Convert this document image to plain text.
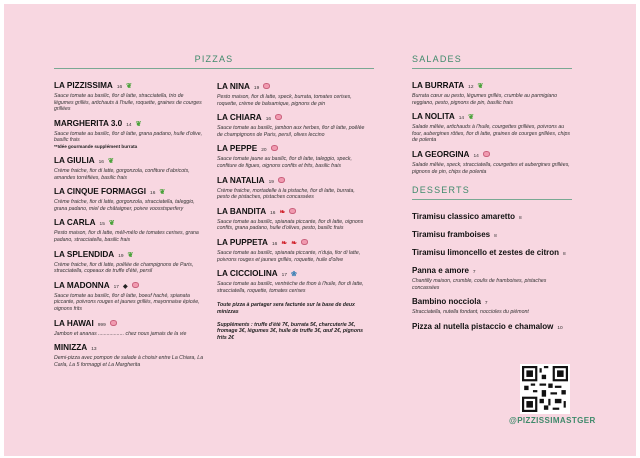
PIZZAS
LA PIZZISSIMA 16 ❦
Sauce tomate au basilic, fior di latte, stracciatella, trio de légumes grillés, artichauts à l'huile, roquette, graines de courges grillées
MARGHERITA 3.0 14 ❦
Sauce tomate au basilic, fior di latte, grana padano, huile d'olive, basilic frais
**Idée gourmande supplément burrata
LA GIULIA 16 ❦
Crème fraiche, fior di latte, gorgonzola, confiture d'abricots, amandes torréfiées, basilic frais
LA CINQUE FORMAGGI 16 ❦
Crème fraiche, fior di latte, gorgonzola, stracciatella, taleggio, grana padano, miel de châtaigner, poivre voosstsperfery
LA CARLA 15 ❦
Pesto maison, fior di latte, méli-mélo de tomates cerises, grana padano, stracciatella, basilic frais
LA SPLENDIDA 19 ❦
Crème fraiche, fior di latte, poêlée de champignons de Paris, stracciatella, copeaux de truffe d'été, persil
LA MADONNA 17 ◆
Sauce tomate au basilic, fior di latte, boeuf haché, spianata piccante, poivrons rouges et jaunes grillés, mayonnaise épicée, oignons frits
LA HAWAI 999
Jambon et ananas .................. chez nous jamais de la vie
MINIZZA 13
Demi-pizza avec pompon de salade à choisir entre La Chiara, La Carla, La 5 formaggi et La Margherita
LA NINA 19
Pesto maison, fior di latte, speck, burrata, tomates cerises, roquette, crème de balsamique, pignons de pin
LA CHIARA 16
Sauce tomate au basilic, jambon aux herbes, fior di latte, poêlée de champignons de Paris, persil, olives leccino
LA PEPPE 20
Sauce tomate jaune au basilic, fior di latte, taleggio, speck, confiture de figues, oignons confits et frits, basilic frais
LA NATALIA 19
Crème fraiche, mortadelle à la pistache, fior di latte, burrata, pesto de pistaches, pistaches concassées
LA BANDITA 16 ❧
Sauce tomate au basilic, spianata piccante, fior di latte, oignons confits, grana padano, huile d'olives, pesto, basilic frais
LA PUPPETA 16 ❧ ❧
Sauce tomate au basilic, spianata piccante, n'duja, fior di latte, poivrons rouges et jaunes grillés, roquette, huile d'olive
LA CICCIOLINA 17 ❀
Sauce tomate au basilic, ventrèche de thon à l'huile, fior di latte, stracciatella, roquette, tomates cerises
Toute pizza à partager sera facturée sur la base de deux minizzas
Suppléments : truffe d'été 7€, burrata 5€, charcuterie 3€, fromage 3€, légumes 3€, huile de truffe 3€, œuf 2€, pignons frits 2€
SALADES
LA BURRATA 12 ❦
Burrata cœur au pesto, légumes grillés, crumble au parmigiano reggiano, pesto, pignons de pin, basilic frais
LA NOLITA 14 ❦
Salade mêlée, artichauds à l'huile, courgettes grillées, poivrons au four, aubergines rôties, fior di latte, graines de courges grillées, chips de polenta
LA GEORGINA 14
Salade mêlée, speck, stracciatella, courgettes et aubergines grillées, pignons de pin, chips de polenta
DESSERTS
Tiramisu classico amaretto 8
Tiramisu framboises 8
Tiramisu limoncello et zestes de citron 8
Panna e amore 7
Chantilly maison, crumble, coulis de framboises, pistaches concassées
Bambino nocciola 7
Stracciatella, nutella fondant, noccioles du piémont
Pizza al nutella pistaccio e chamalow 10
@PIZZISSIMASTGER
